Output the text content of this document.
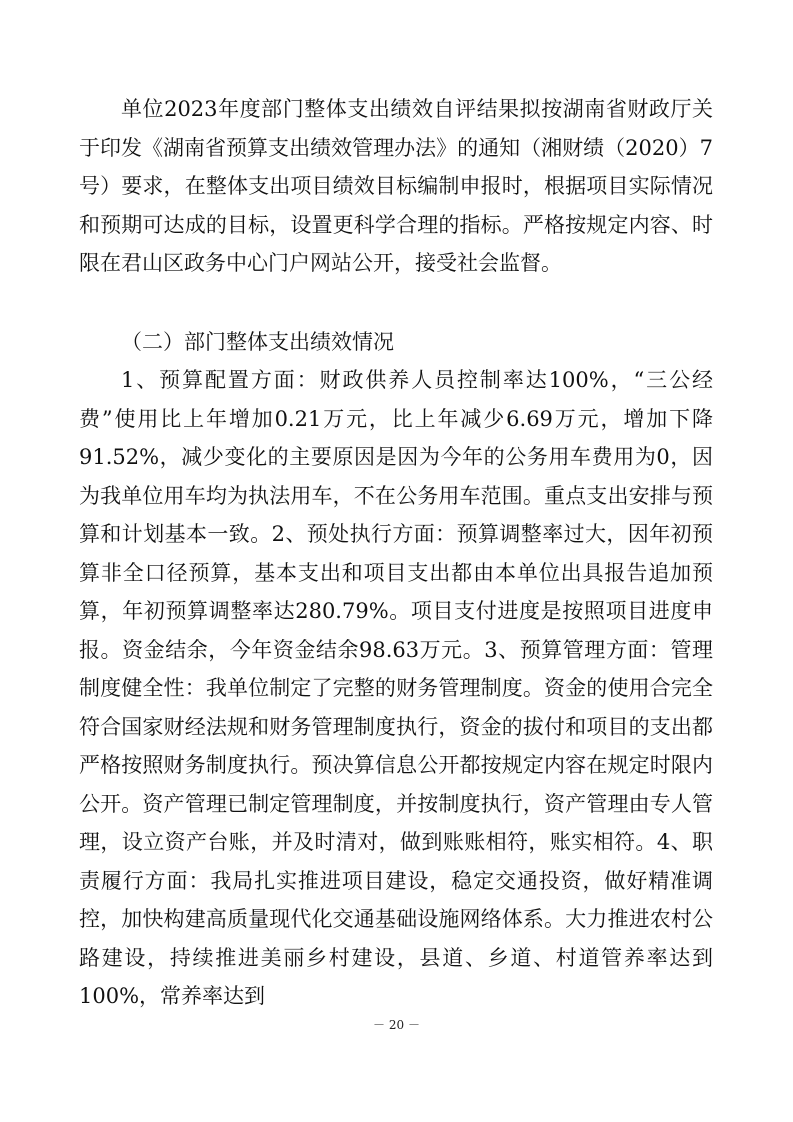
单位2023年度部门整体支出绩效自评结果拟按湖南省财政厅关于印发《湖南省预算支出绩效管理办法》的通知（湘财绩（2020）7号）要求，在整体支出项目绩效目标编制申报时，根据项目实际情况和预期可达成的目标，设置更科学合理的指标。严格按规定内容、时限在君山区政务中心门户网站公开，接受社会监督。

（二）部门整体支出绩效情况

1、预算配置方面：财政供养人员控制率达100%，“三公经费”使用比上年增加0.21万元，比上年减少6.69万元，增加下降91.52%，减少变化的主要原因是因为今年的公务用车费用为0，因为我单位用车均为执法用车，不在公务用车范围。重点支出安排与预算和计划基本一致。2、预处执行方面：预算调整率过大，因年初预算非全口径预算，基本支出和项目支出都由本单位出具报告追加预算，年初预算调整率达280.79%。项目支付进度是按照项目进度申报。资金结余，今年资金结余98.63万元。3、预算管理方面：管理制度健全性：我单位制定了完整的财务管理制度。资金的使用合完全符合国家财经法规和财务管理制度执行，资金的拔付和项目的支出都严格按照财务制度执行。预决算信息公开都按规定内容在规定时限内公开。资产管理已制定管理制度，并按制度执行，资产管理由专人管理，设立资产台账，并及时清对，做到账账相符，账实相符。4、职责履行方面：我局扎实推进项目建设，稳定交通投资，做好精准调控，加快构建高质量现代化交通基础设施网络体系。大力推进农村公路建设，持续推进美丽乡村建设，县道、乡道、村道管养率达到100%，常养率达到

－ 20 －
